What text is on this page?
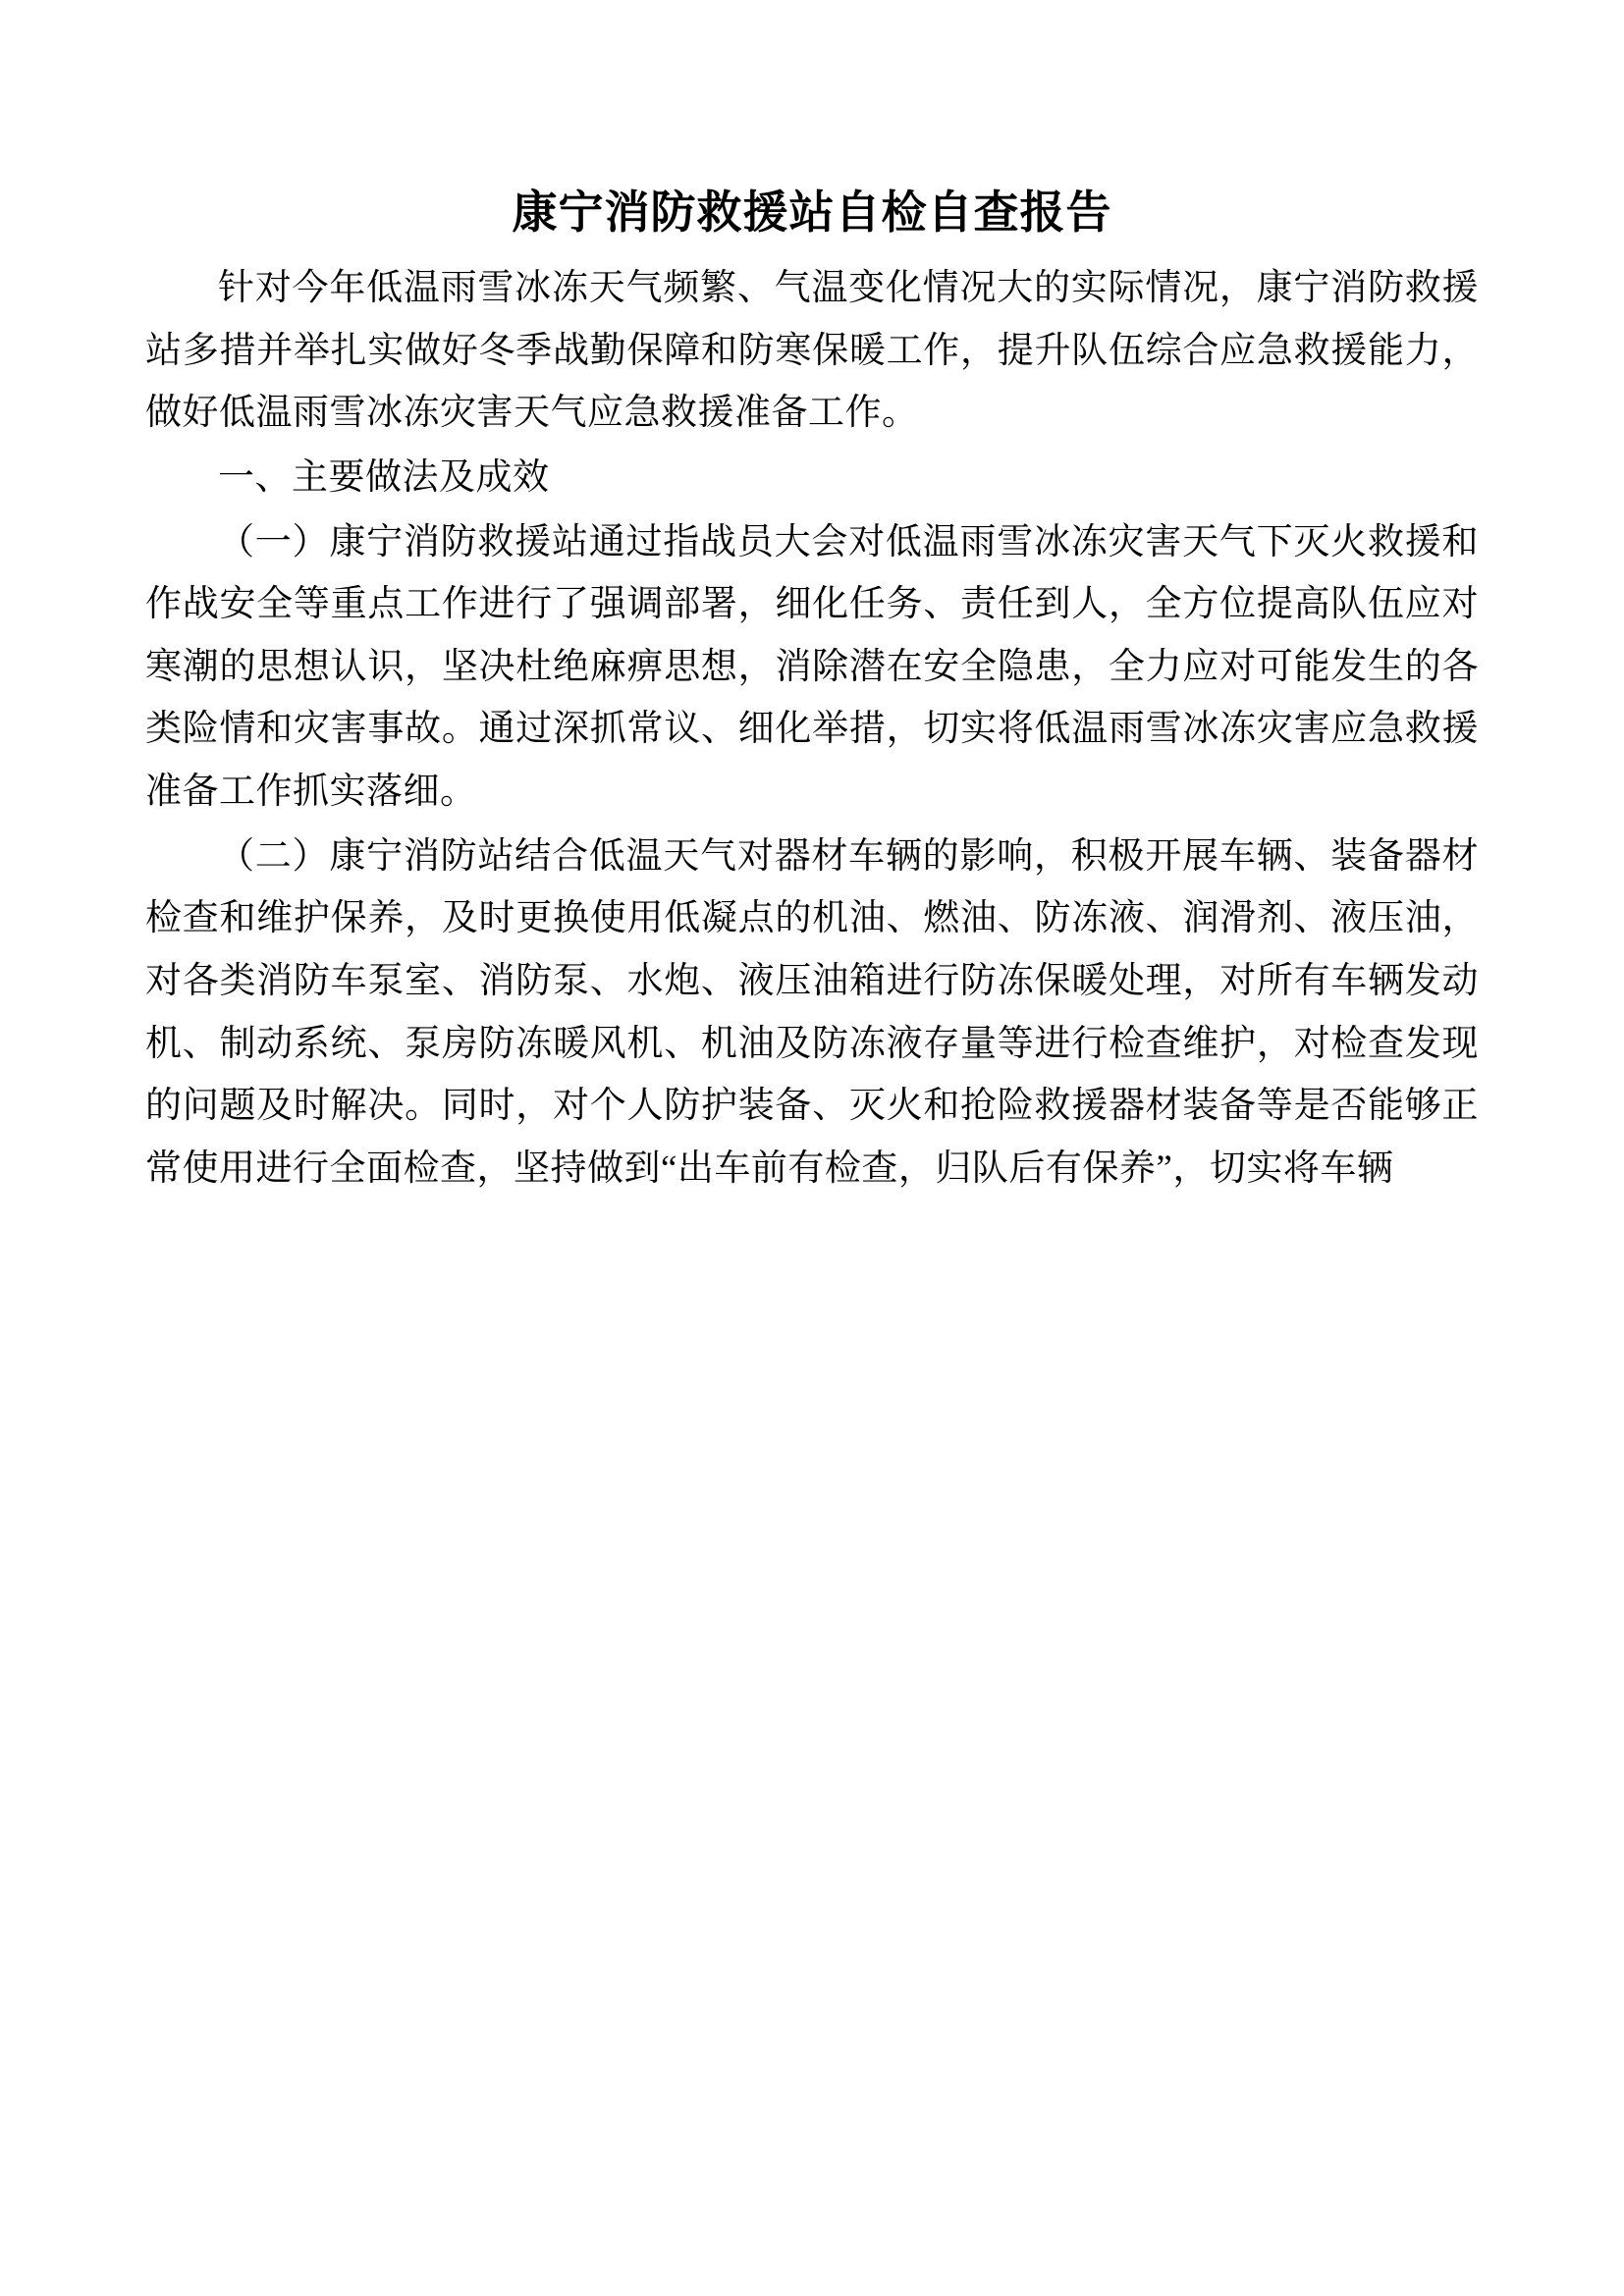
康宁消防救援站自检自查报告

针对今年低温雨雪冰冻天气频繁、气温变化情况大的实际情况，康宁消防救援站多措并举扎实做好冬季战勤保障和防寒保暖工作，提升队伍综合应急救援能力，做好低温雨雪冰冻灾害天气应急救援准备工作。

一、主要做法及成效

（一）康宁消防救援站通过指战员大会对低温雨雪冰冻灾害天气下灭火救援和作战安全等重点工作进行了强调部署，细化任务、责任到人，全方位提高队伍应对寒潮的思想认识，坚决杜绝麻痹思想，消除潜在安全隐患，全力应对可能发生的各类险情和灾害事故。通过深抓常议、细化举措，切实将低温雨雪冰冻灾害应急救援准备工作抓实落细。

（二）康宁消防站结合低温天气对器材车辆的影响，积极开展车辆、装备器材检查和维护保养，及时更换使用低凝点的机油、燃油、防冻液、润滑剂、液压油，对各类消防车泵室、消防泵、水炮、液压油箱进行防冻保暖处理，对所有车辆发动机、制动系统、泵房防冻暖风机、机油及防冻液存量等进行检查维护，对检查发现的问题及时解决。同时，对个人防护装备、灭火和抢险救援器材装备等是否能够正常使用进行全面检查，坚持做到“出车前有检查，归队后有保养”，切实将车辆
